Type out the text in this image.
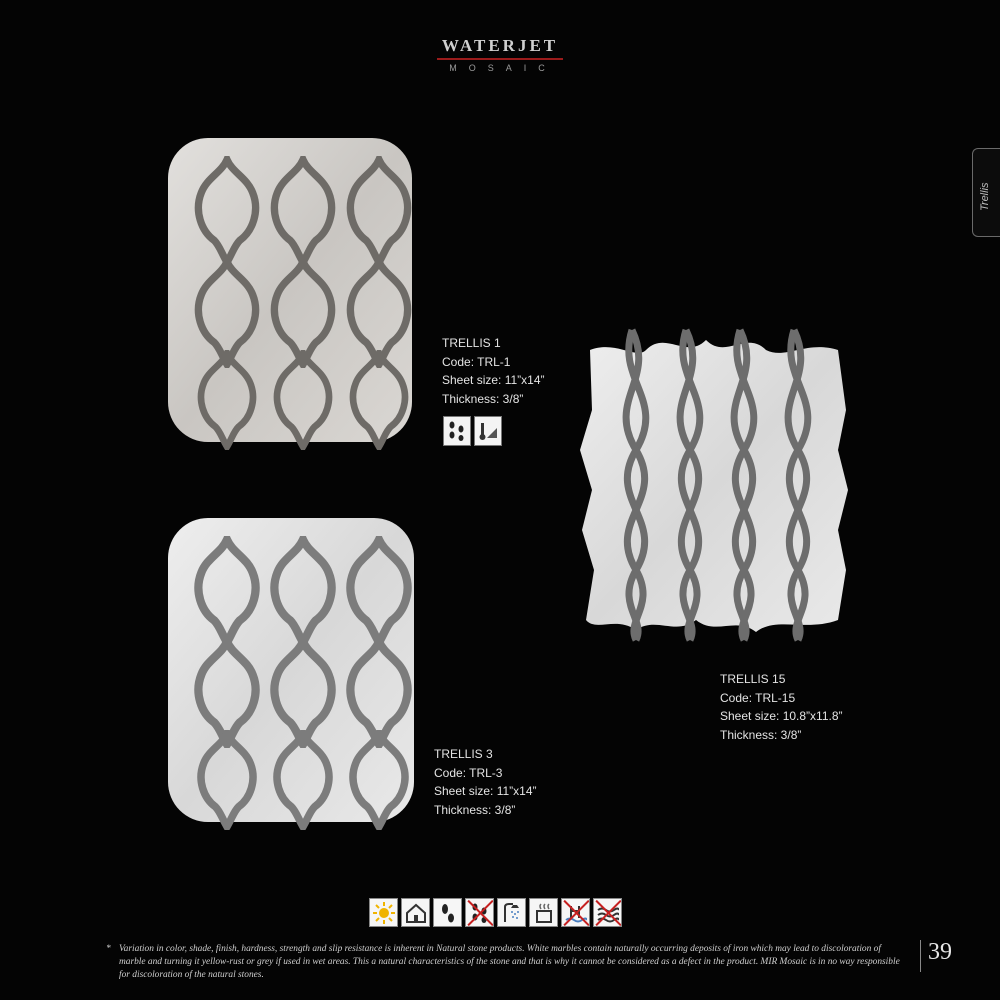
WATERJET
MOSAIC
Trellis
TRELLIS 1
Code: TRL-1
Sheet size: 11”x14”
Thickness: 3/8”
TRELLIS 3
Code: TRL-3
Sheet size: 11”x14”
Thickness: 3/8”
TRELLIS 15
Code: TRL-15
Sheet size: 10.8”x11.8”
Thickness: 3/8”
* Variation in color, shade, finish, hardness, strength and slip resistance is inherent in Natural stone products. White marbles contain naturally occurring deposits of iron which may lead to discoloration of marble and turning it yellow-rust or grey if used in wet areas. This a natural characteristics of the stone and that is why it cannot be considered as a defect in the product. MIR Mosaic is in no way responsible for discoloration of the natural stones.
39
